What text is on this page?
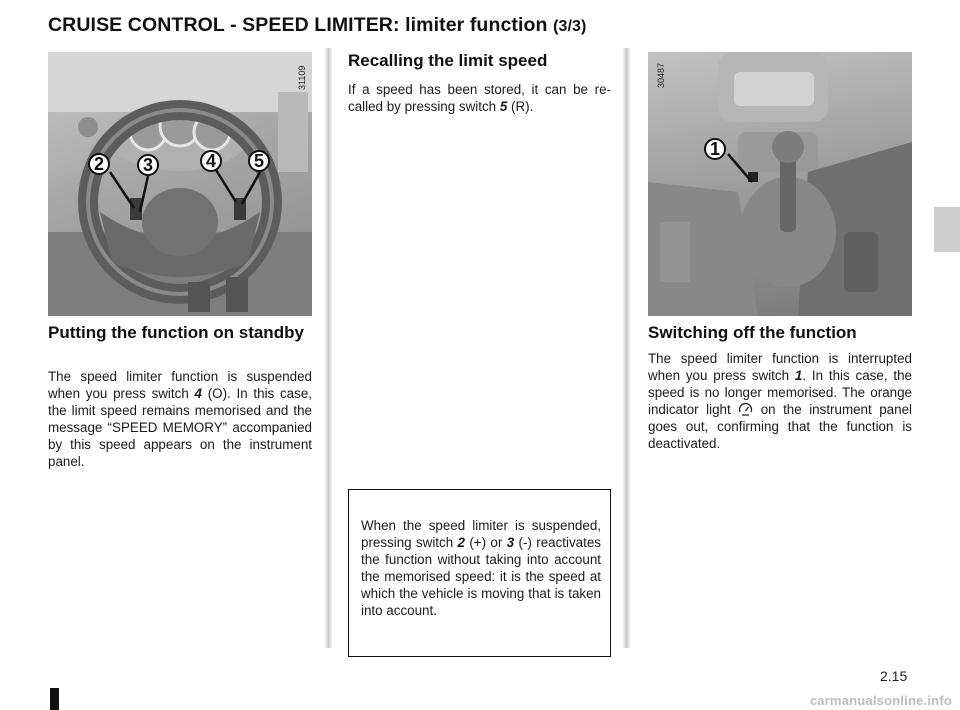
CRUISE CONTROL - SPEED LIMITER: limiter function (3/3)
2	3	4	5
31109
Putting the function on standby

The speed limiter function is suspended when you press switch 4 (O). In this case, the limit speed remains memorised and the message “SPEED MEMORY” accompanied by this speed appears on the instrument panel.

Recalling the limit speed

If a speed has been stored, it can be recalled by pressing switch 5 (R).

When the speed limiter is suspended, pressing switch 2 (+) or 3 (-) reactivates the function without taking into account the memorised speed: it is the speed at which the vehicle is moving that is taken into account.

1
30487
Switching off the function

The speed limiter function is interrupted when you press switch 1. In this case, the speed is no longer memorised. The orange indicator light  on the instrument panel goes out, confirming that the function is deactivated.

2.15
carmanualsonline.info
